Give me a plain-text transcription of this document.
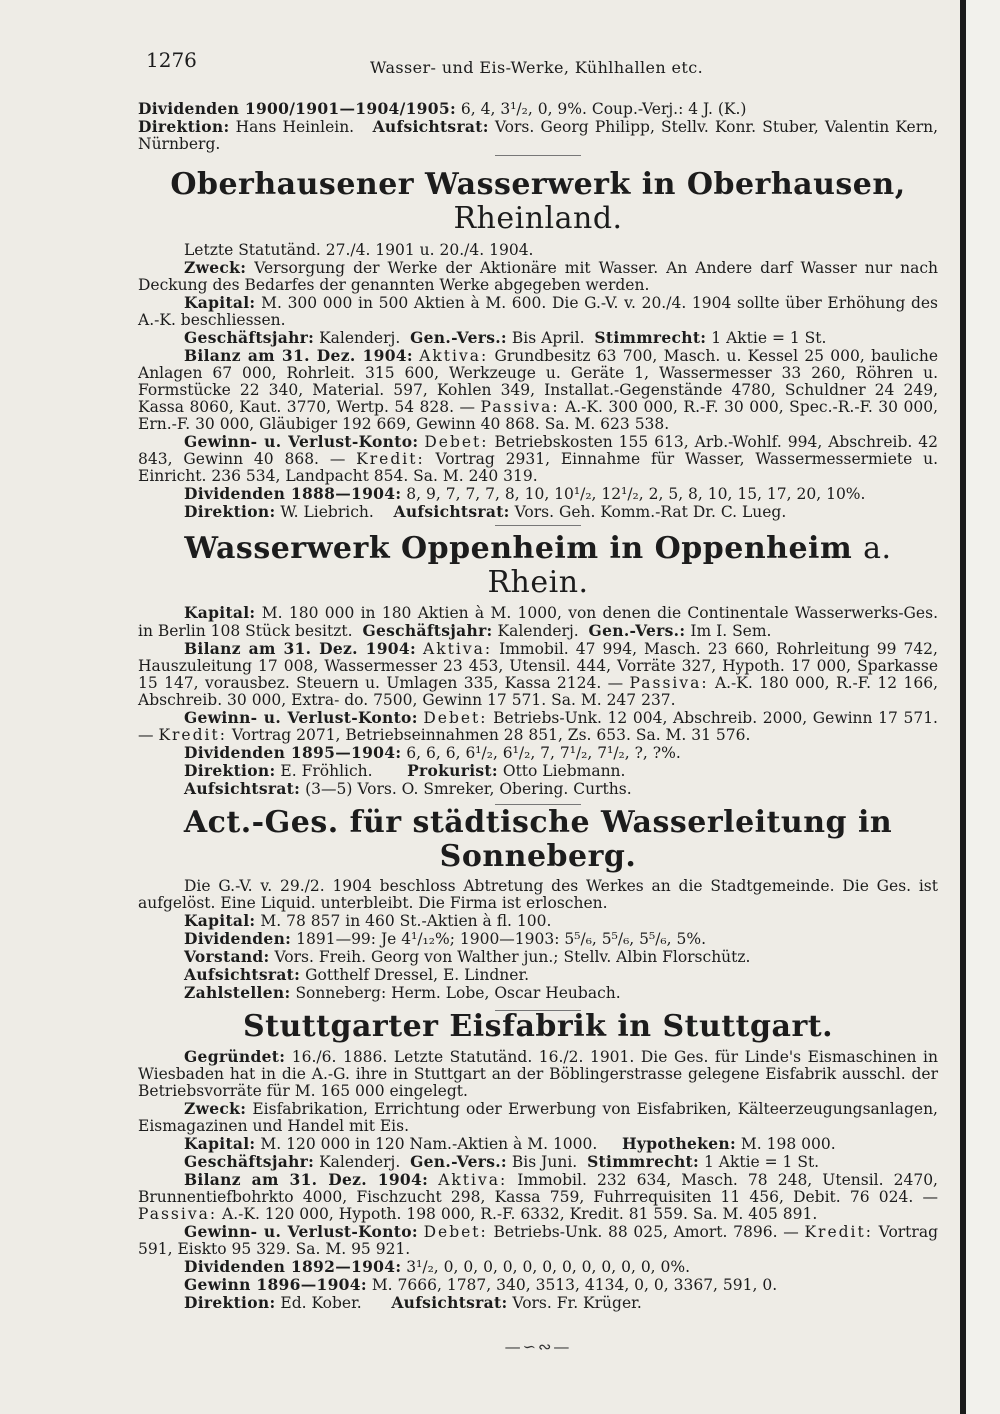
1276	Wasser- und Eis-Werke, Kühlhallen etc.

Dividenden 1900/1901—1904/1905: 6, 4, 3¹/₂, 0, 9%. Coup.-Verj.: 4 J. (K.)

Direktion: Hans Heinlein. Aufsichtsrat: Vors. Georg Philipp, Stellv. Konr. Stuber, Valentin Kern, Nürnberg.

Oberhausener Wasserwerk in Oberhausen, Rheinland.

Letzte Statutänd. 27./4. 1901 u. 20./4. 1904.

Zweck: Versorgung der Werke der Aktionäre mit Wasser. An Andere darf Wasser nur nach Deckung des Bedarfes der genannten Werke abgegeben werden.

Kapital: M. 300 000 in 500 Aktien à M. 600. Die G.-V. v. 20./4. 1904 sollte über Erhöhung des A.-K. beschliessen.

Geschäftsjahr: Kalenderj. Gen.-Vers.: Bis April. Stimmrecht: 1 Aktie = 1 St.

Bilanz am 31. Dez. 1904: Aktiva: Grundbesitz 63 700, Masch. u. Kessel 25 000, bauliche Anlagen 67 000, Rohrleit. 315 600, Werkzeuge u. Geräte 1, Wassermesser 33 260, Röhren u. Formstücke 22 340, Material. 597, Kohlen 349, Installat.-Gegenstände 4780, Schuldner 24 249, Kassa 8060, Kaut. 3770, Wertp. 54 828. — Passiva: A.-K. 300 000, R.-F. 30 000, Spec.-R.-F. 30 000, Ern.-F. 30 000, Gläubiger 192 669, Gewinn 40 868. Sa. M. 623 538.

Gewinn- u. Verlust-Konto: Debet: Betriebskosten 155 613, Arb.-Wohlf. 994, Abschreib. 42 843, Gewinn 40 868. — Kredit: Vortrag 2931, Einnahme für Wasser, Wassermessermiete u. Einricht. 236 534, Landpacht 854. Sa. M. 240 319.

Dividenden 1888—1904: 8, 9, 7, 7, 7, 8, 10, 10¹/₂, 12¹/₂, 2, 5, 8, 10, 15, 17, 20, 10%.

Direktion: W. Liebrich. Aufsichtsrat: Vors. Geh. Komm.-Rat Dr. C. Lueg.

Wasserwerk Oppenheim in Oppenheim a. Rhein.

Kapital: M. 180 000 in 180 Aktien à M. 1000, von denen die Continentale Wasserwerks-Ges. in Berlin 108 Stück besitzt. Geschäftsjahr: Kalenderj. Gen.-Vers.: Im I. Sem.

Bilanz am 31. Dez. 1904: Aktiva: Immobil. 47 994, Masch. 23 660, Rohrleitung 99 742, Hauszuleitung 17 008, Wassermesser 23 453, Utensil. 444, Vorräte 327, Hypoth. 17 000, Sparkasse 15 147, vorausbez. Steuern u. Umlagen 335, Kassa 2124. — Passiva: A.-K. 180 000, R.-F. 12 166, Abschreib. 30 000, Extra- do. 7500, Gewinn 17 571. Sa. M. 247 237.

Gewinn- u. Verlust-Konto: Debet: Betriebs-Unk. 12 004, Abschreib. 2000, Gewinn 17 571. — Kredit: Vortrag 2071, Betriebseinnahmen 28 851, Zs. 653. Sa. M. 31 576.

Dividenden 1895—1904: 6, 6, 6, 6¹/₂, 6¹/₂, 7, 7¹/₂, 7¹/₂, ?, ?%.

Direktion: E. Fröhlich. Prokurist: Otto Liebmann.

Aufsichtsrat: (3—5) Vors. O. Smreker, Obering. Curths.

Act.-Ges. für städtische Wasserleitung in Sonneberg.

Die G.-V. v. 29./2. 1904 beschloss Abtretung des Werkes an die Stadtgemeinde. Die Ges. ist aufgelöst. Eine Liquid. unterbleibt. Die Firma ist erloschen.

Kapital: M. 78 857 in 460 St.-Aktien à fl. 100.

Dividenden: 1891—99: Je 4¹/₁₂%; 1900—1903: 5⁵/₆, 5⁵/₆, 5⁵/₆, 5%.

Vorstand: Vors. Freih. Georg von Walther jun.; Stellv. Albin Florschütz.

Aufsichtsrat: Gotthelf Dressel, E. Lindner.

Zahlstellen: Sonneberg: Herm. Lobe, Oscar Heubach.

Stuttgarter Eisfabrik in Stuttgart.

Gegründet: 16./6. 1886. Letzte Statutänd. 16./2. 1901. Die Ges. für Linde's Eismaschinen in Wiesbaden hat in die A.-G. ihre in Stuttgart an der Böblingerstrasse gelegene Eisfabrik ausschl. der Betriebsvorräte für M. 165 000 eingelegt.

Zweck: Eisfabrikation, Errichtung oder Erwerbung von Eisfabriken, Kälteerzeugungsanlagen, Eismagazinen und Handel mit Eis.

Kapital: M. 120 000 in 120 Nam.-Aktien à M. 1000. Hypotheken: M. 198 000.

Geschäftsjahr: Kalenderj. Gen.-Vers.: Bis Juni. Stimmrecht: 1 Aktie = 1 St.

Bilanz am 31. Dez. 1904: Aktiva: Immobil. 232 634, Masch. 78 248, Utensil. 2470, Brunnentiefbohrkto 4000, Fischzucht 298, Kassa 759, Fuhrrequisiten 11 456, Debit. 76 024. — Passiva: A.-K. 120 000, Hypoth. 198 000, R.-F. 6332, Kredit. 81 559. Sa. M. 405 891.

Gewinn- u. Verlust-Konto: Debet: Betriebs-Unk. 88 025, Amort. 7896. — Kredit: Vortrag 591, Eiskto 95 329. Sa. M. 95 921.

Dividenden 1892—1904: 3¹/₂, 0, 0, 0, 0, 0, 0, 0, 0, 0, 0, 0, 0%.

Gewinn 1896—1904: M. 7666, 1787, 340, 3513, 4134, 0, 0, 3367, 591, 0.

Direktion: Ed. Kober. Aufsichtsrat: Vors. Fr. Krüger.

—∽∾—
